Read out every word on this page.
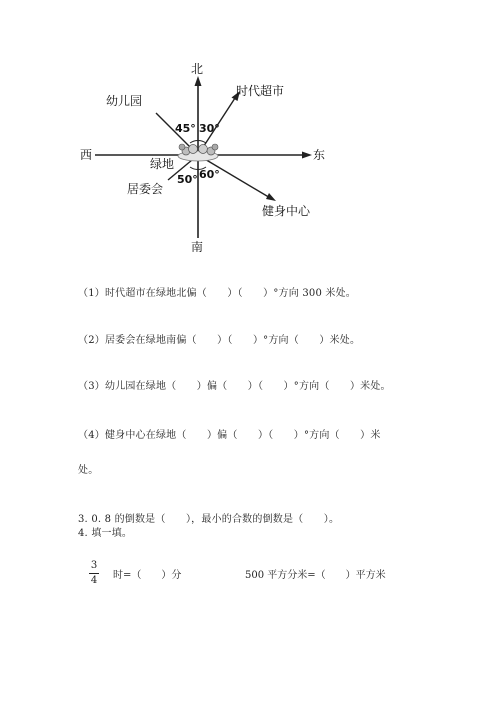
北
南
西	东
绿地
时代超市
幼儿园
居委会
健身中心
45° 30°
50° 60°
（1）时代超市在绿地北偏（　　）（　　）°方向 300 米处。
（2）居委会在绿地南偏（　　）（　　）°方向（　　）米处。
（3）幼儿园在绿地（　　）偏（　　）（　　）°方向（　　）米处。
（4）健身中心在绿地（　　）偏（　　）（　　）°方向（　　）米
处。
3. 0. 8 的倒数是（　　），最小的合数的倒数是（　　）。
4. 填一填。
3
4 时=（　　）分	500 平方分米=（　　）平方米
